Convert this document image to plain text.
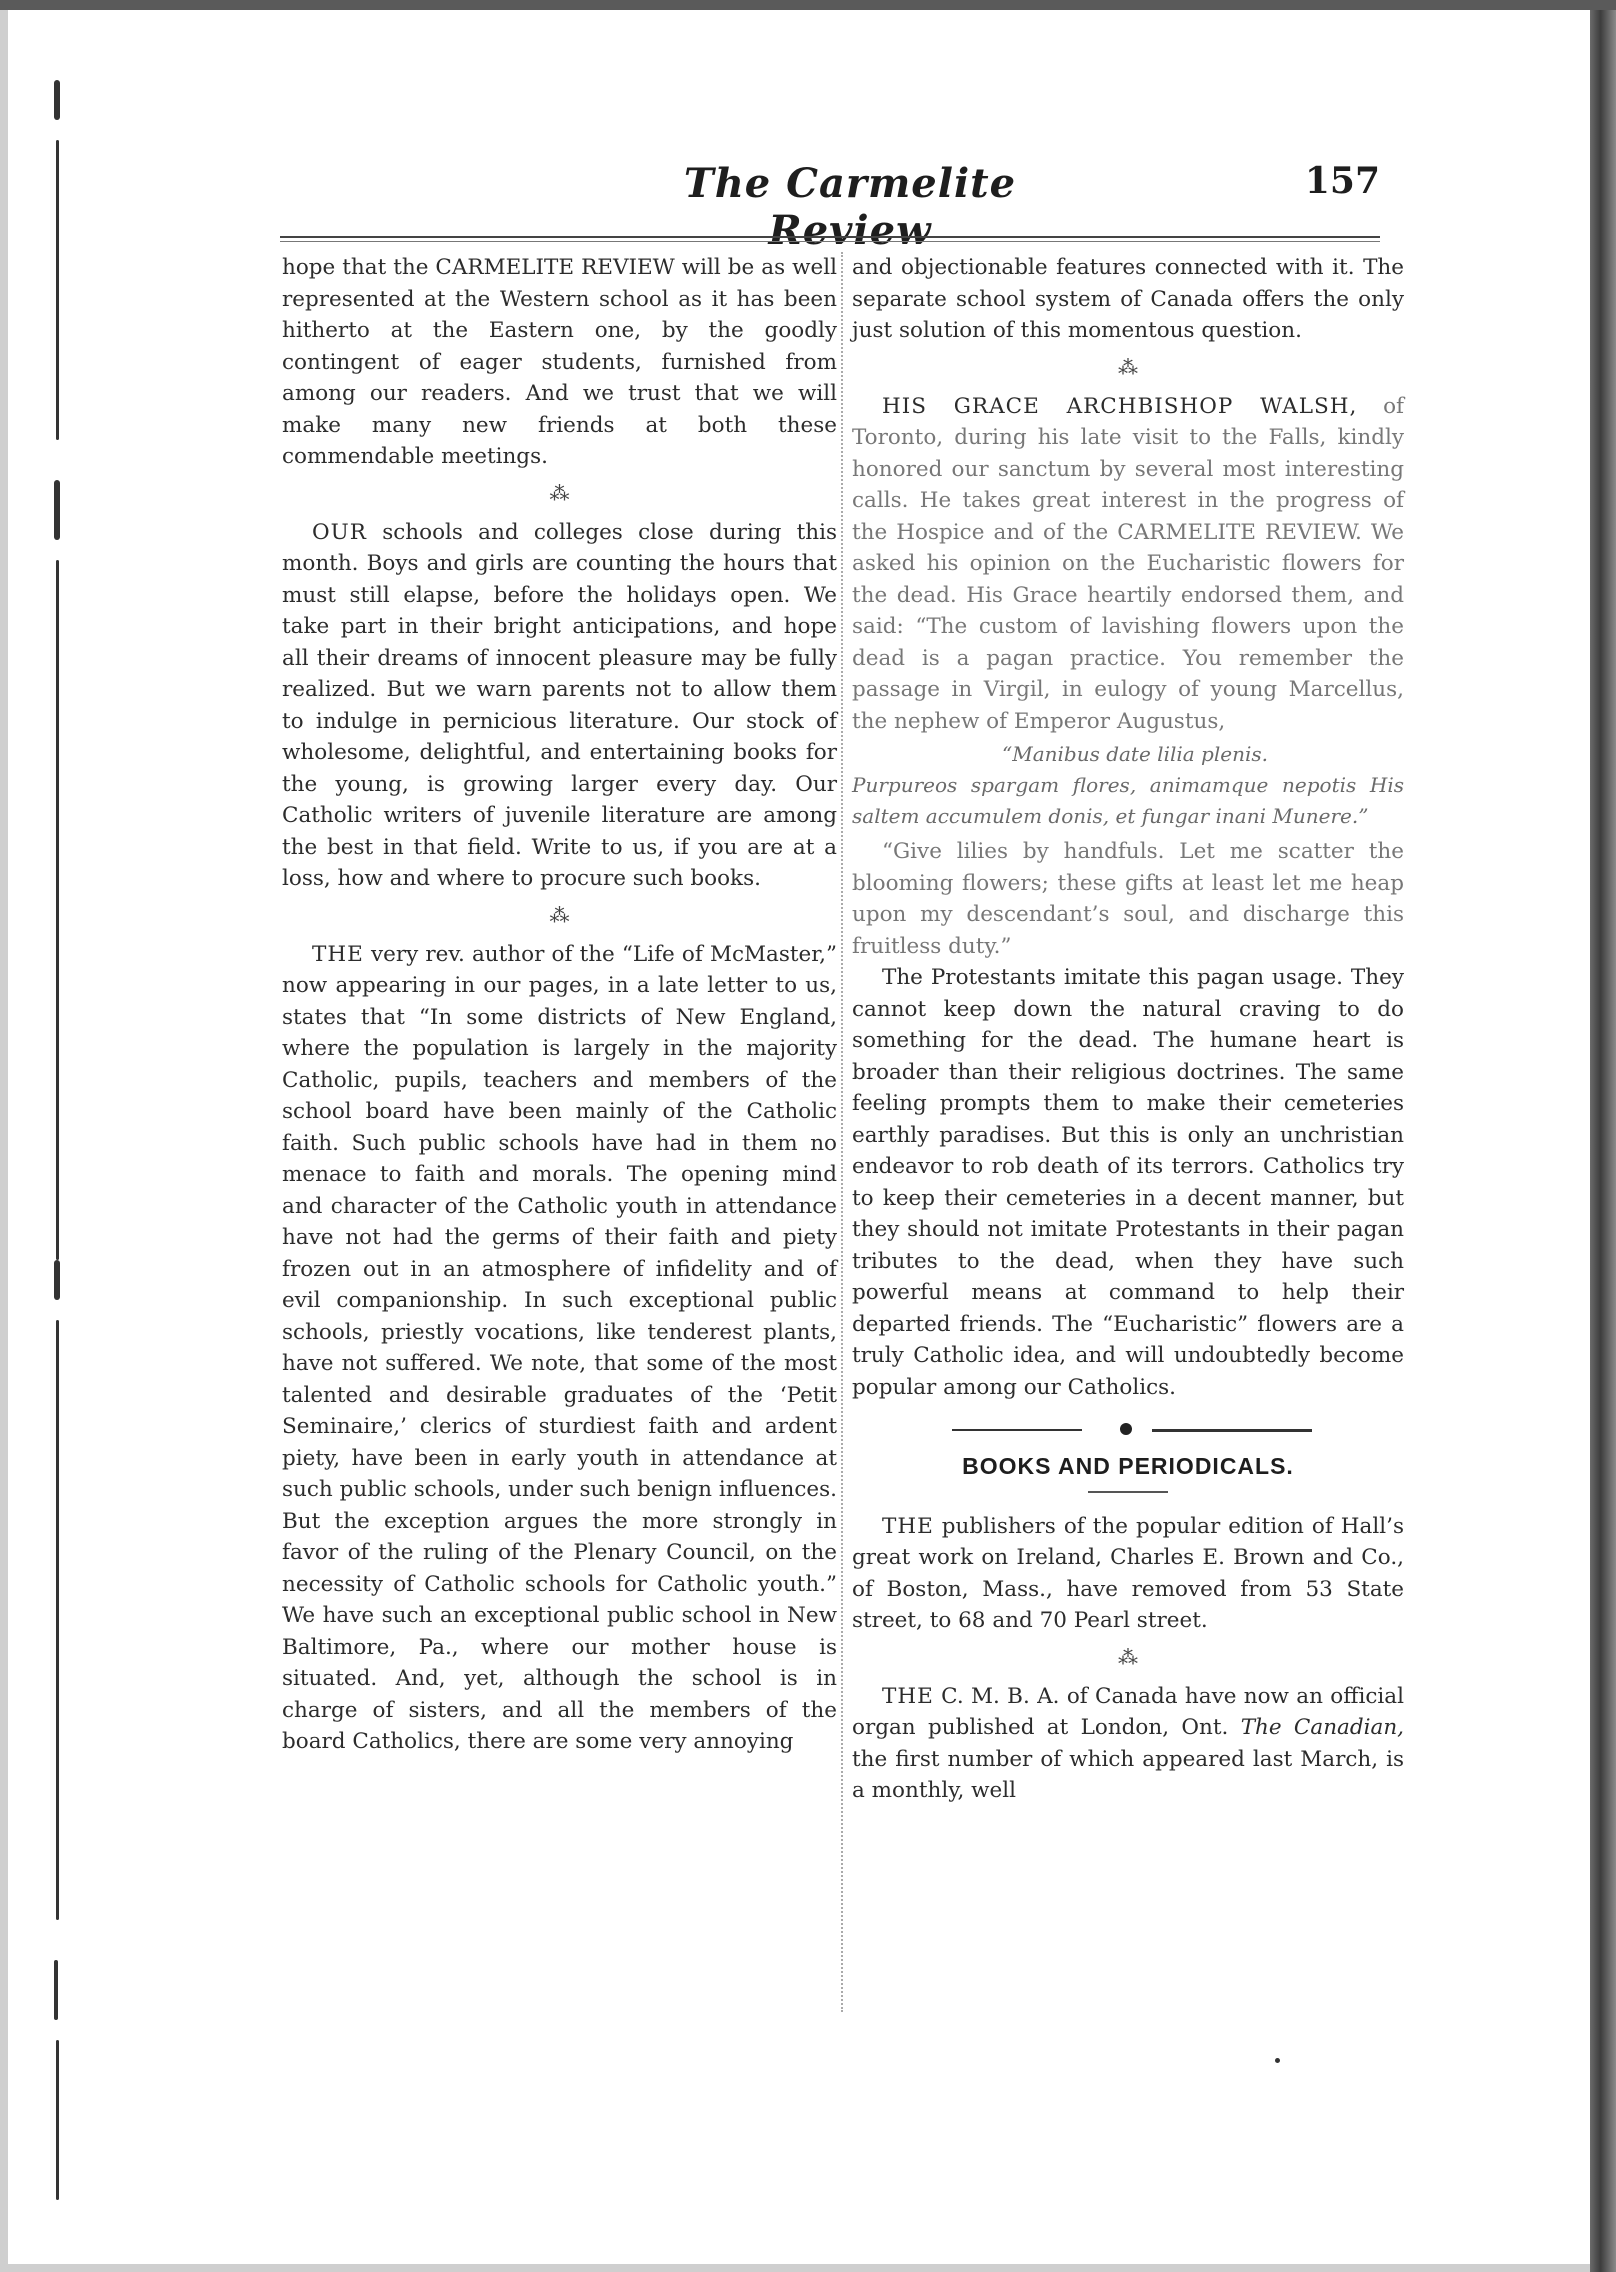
The Carmelite Review
157

hope that the CARMELITE REVIEW will be as well represented at the Western school as it has been hitherto at the Eastern one, by the goodly contingent of eager students, furnished from among our readers. And we trust that we will make many new friends at both these commendable meetings.

⁂

OUR schools and colleges close during this month. Boys and girls are counting the hours that must still elapse, before the holidays open. We take part in their bright anticipations, and hope all their dreams of innocent pleasure may be fully realized. But we warn parents not to allow them to indulge in pernicious literature. Our stock of wholesome, delightful, and entertaining books for the young, is growing larger every day. Our Catholic writers of juvenile literature are among the best in that field. Write to us, if you are at a loss, how and where to procure such books.

⁂

THE very rev. author of the “Life of McMaster,” now appearing in our pages, in a late letter to us, states that “In some districts of New England, where the population is largely in the majority Catholic, pupils, teachers and members of the school board have been mainly of the Catholic faith. Such public schools have had in them no menace to faith and morals. The opening mind and character of the Catholic youth in attendance have not had the germs of their faith and piety frozen out in an atmosphere of infidelity and of evil companionship. In such exceptional public schools, priestly vocations, like tenderest plants, have not suffered. We note, that some of the most talented and desirable graduates of the ‘Petit Seminaire,’ clerics of sturdiest faith and ardent piety, have been in early youth in attendance at such public schools, under such benign influences. But the exception argues the more strongly in favor of the ruling of the Plenary Council, on the necessity of Catholic schools for Catholic youth.” We have such an exceptional public school in New Baltimore, Pa., where our mother house is situated. And, yet, although the school is in charge of sisters, and all the members of the board Catholics, there are some very annoying

and objectionable features connected with it. The separate school system of Canada offers the only just solution of this momentous question.

⁂

HIS GRACE ARCHBISHOP WALSH, of Toronto, during his late visit to the Falls, kindly honored our sanctum by several most interesting calls. He takes great interest in the progress of the Hospice and of the CARMELITE REVIEW. We asked his opinion on the Eucharistic flowers for the dead. His Grace heartily endorsed them, and said: “The custom of lavishing flowers upon the dead is a pagan practice. You remember the passage in Virgil, in eulogy of young Marcellus, the nephew of Emperor Augustus,

“Manibus date lilia plenis.
Purpureos spargam flores, animamque nepotis His saltem accumulem donis, et fungar inani Munere.”

“Give lilies by handfuls. Let me scatter the blooming flowers; these gifts at least let me heap upon my descendant’s soul, and discharge this fruitless duty.”

The Protestants imitate this pagan usage. They cannot keep down the natural craving to do something for the dead. The humane heart is broader than their religious doctrines. The same feeling prompts them to make their cemeteries earthly paradises. But this is only an unchristian endeavor to rob death of its terrors. Catholics try to keep their cemeteries in a decent manner, but they should not imitate Protestants in their pagan tributes to the dead, when they have such powerful means at command to help their departed friends. The “Eucharistic” flowers are a truly Catholic idea, and will undoubtedly become popular among our Catholics.

BOOKS AND PERIODICALS.

THE publishers of the popular edition of Hall’s great work on Ireland, Charles E. Brown and Co., of Boston, Mass., have removed from 53 State street, to 68 and 70 Pearl street.

⁂

THE C. M. B. A. of Canada have now an official organ published at London, Ont. The Canadian, the first number of which appeared last March, is a monthly, well
